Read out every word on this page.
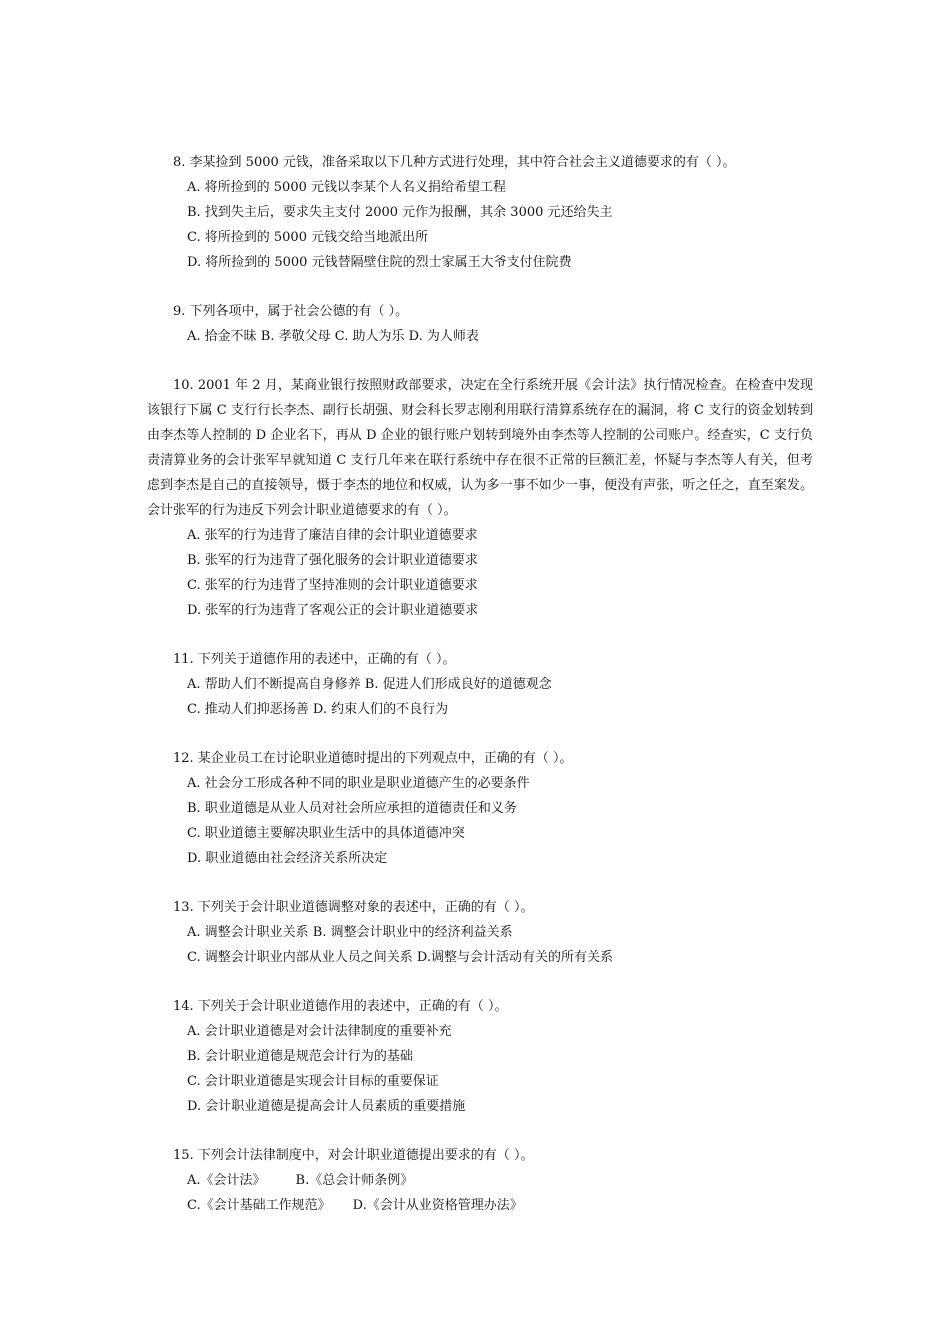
8. 李某捡到 5000 元钱，准备采取以下几种方式进行处理，其中符合社会主义道德要求的有（ ）。

A. 将所捡到的 5000 元钱以李某个人名义捐给希望工程

B. 找到失主后，要求失主支付 2000 元作为报酬，其余 3000 元还给失主

C. 将所捡到的 5000 元钱交给当地派出所

D. 将所捡到的 5000 元钱替隔壁住院的烈士家属王大爷支付住院费

9. 下列各项中，属于社会公德的有（ ）。

A. 拾金不昧 B. 孝敬父母 C. 助人为乐 D. 为人师表

10. 2001 年 2 月，某商业银行按照财政部要求，决定在全行系统开展《会计法》执行情况检查。在检查中发现该银行下属 C 支行行长李杰、副行长胡强、财会科长罗志刚利用联行清算系统存在的漏洞，将 C 支行的资金划转到由李杰等人控制的 D 企业名下，再从 D 企业的银行账户划转到境外由李杰等人控制的公司账户。经查实，C 支行负责清算业务的会计张军早就知道 C 支行几年来在联行系统中存在很不正常的巨额汇差，怀疑与李杰等人有关，但考虑到李杰是自己的直接领导，慑于李杰的地位和权威，认为多一事不如少一事，便没有声张，听之任之，直至案发。会计张军的行为违反下列会计职业道德要求的有（ ）。

A. 张军的行为违背了廉洁自律的会计职业道德要求

B. 张军的行为违背了强化服务的会计职业道德要求

C. 张军的行为违背了坚持准则的会计职业道德要求

D. 张军的行为违背了客观公正的会计职业道德要求

11. 下列关于道德作用的表述中，正确的有（ ）。

A. 帮助人们不断提高自身修养 B. 促进人们形成良好的道德观念

C. 推动人们抑恶扬善 D. 约束人们的不良行为

12. 某企业员工在讨论职业道德时提出的下列观点中，正确的有（ ）。

A. 社会分工形成各种不同的职业是职业道德产生的必要条件

B. 职业道德是从业人员对社会所应承担的道德责任和义务

C. 职业道德主要解决职业生活中的具体道德冲突

D. 职业道德由社会经济关系所决定

13. 下列关于会计职业道德调整对象的表述中，正确的有（ ）。

A. 调整会计职业关系 B. 调整会计职业中的经济利益关系

C. 调整会计职业内部从业人员之间关系 D.调整与会计活动有关的所有关系

14. 下列关于会计职业道德作用的表述中，正确的有（ ）。

A. 会计职业道德是对会计法律制度的重要补充

B. 会计职业道德是规范会计行为的基础

C. 会计职业道德是实现会计目标的重要保证

D. 会计职业道德是提高会计人员素质的重要措施

15. 下列会计法律制度中，对会计职业道德提出要求的有（ ）。

A.《会计法》 B.《总会计师条例》

C.《会计基础工作规范》 D.《会计从业资格管理办法》
